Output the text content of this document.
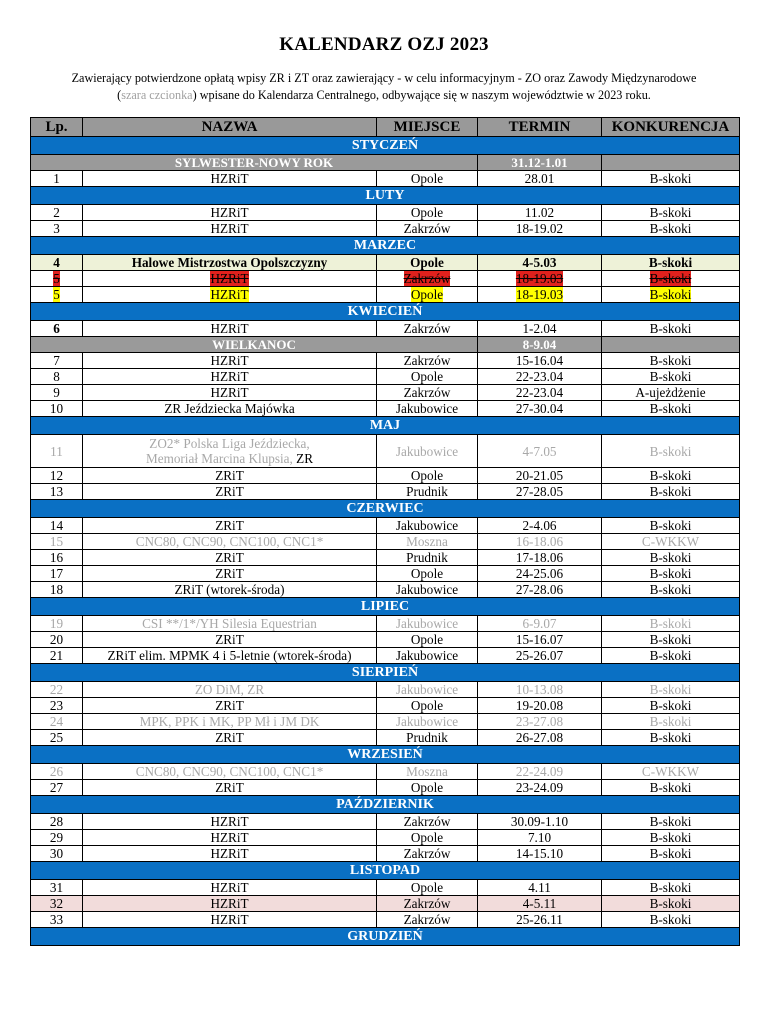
KALENDARZ OZJ 2023
Zawierający potwierdzone opłatą wpisy ZR i ZT oraz zawierający - w celu informacyjnym - ZO oraz Zawody Międzynarodowe
(szara czcionka) wpisane do Kalendarza Centralnego, odbywające się w naszym województwie w 2023 roku.
Lp.	NAZWA	MIEJSCE	TERMIN	KONKURENCJA
STYCZEŃ				
SYLWESTER-NOWY ROK			31.12-1.01	
1	HZRiT	Opole	28.01	B-skoki
LUTY				
2	HZRiT	Opole	11.02	B-skoki
3	HZRiT	Zakrzów	18-19.02	B-skoki
MARZEC				
4	Halowe Mistrzostwa Opolszczyzny	Opole	4-5.03	B-skoki
5	HZRiT	Zakrzów	18-19.03	B-skoki
5	HZRiT	Opole	18-19.03	B-skoki
KWIECIEŃ				
6	HZRiT	Zakrzów	1-2.04	B-skoki
WIELKANOC			8-9.04	
7	HZRiT	Zakrzów	15-16.04	B-skoki
8	HZRiT	Opole	22-23.04	B-skoki
9	HZRiT	Zakrzów	22-23.04	A-ujeżdżenie
10	ZR Jeździecka Majówka	Jakubowice	27-30.04	B-skoki
MAJ				
11	ZO2* Polska Liga Jeździecka,
Memoriał Marcina Klupsia, ZR	Jakubowice	4-7.05	B-skoki
12	ZRiT	Opole	20-21.05	B-skoki
13	ZRiT	Prudnik	27-28.05	B-skoki
CZERWIEC				
14	ZRiT	Jakubowice	2-4.06	B-skoki
15	CNC80, CNC90, CNC100, CNC1*	Moszna	16-18.06	C-WKKW
16	ZRiT	Prudnik	17-18.06	B-skoki
17	ZRiT	Opole	24-25.06	B-skoki
18	ZRiT (wtorek-środa)	Jakubowice	27-28.06	B-skoki
LIPIEC				
19	CSI **/1*/YH Silesia Equestrian	Jakubowice	6-9.07	B-skoki
20	ZRiT	Opole	15-16.07	B-skoki
21	ZRiT elim. MPMK 4 i 5-letnie (wtorek-środa)	Jakubowice	25-26.07	B-skoki
SIERPIEŃ				
22	ZO DiM, ZR	Jakubowice	10-13.08	B-skoki
23	ZRiT	Opole	19-20.08	B-skoki
24	MPK, PPK i MK, PP Mł i JM DK	Jakubowice	23-27.08	B-skoki
25	ZRiT	Prudnik	26-27.08	B-skoki
WRZESIEŃ				
26	CNC80, CNC90, CNC100, CNC1*	Moszna	22-24.09	C-WKKW
27	ZRiT	Opole	23-24.09	B-skoki
PAŹDZIERNIK				
28	HZRiT	Zakrzów	30.09-1.10	B-skoki
29	HZRiT	Opole	7.10	B-skoki
30	HZRiT	Zakrzów	14-15.10	B-skoki
LISTOPAD				
31	HZRiT	Opole	4.11	B-skoki
32	HZRiT	Zakrzów	4-5.11	B-skoki
33	HZRiT	Zakrzów	25-26.11	B-skoki
GRUDZIEŃ				
